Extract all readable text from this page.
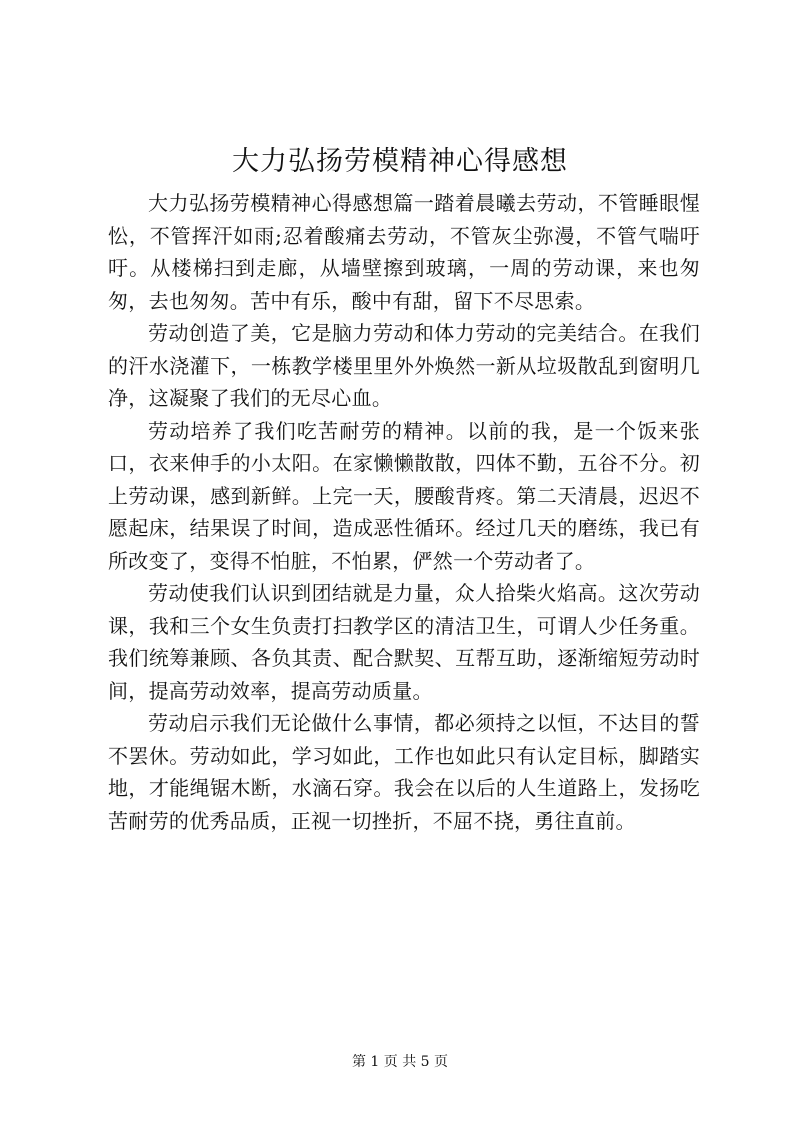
大力弘扬劳模精神心得感想

大力弘扬劳模精神心得感想篇一踏着晨曦去劳动，不管睡眼惺忪，不管挥汗如雨;忍着酸痛去劳动，不管灰尘弥漫，不管气喘吁吁。从楼梯扫到走廊，从墙壁擦到玻璃，一周的劳动课，来也匆匆，去也匆匆。苦中有乐，酸中有甜，留下不尽思索。

劳动创造了美，它是脑力劳动和体力劳动的完美结合。在我们的汗水浇灌下，一栋教学楼里里外外焕然一新从垃圾散乱到窗明几净，这凝聚了我们的无尽心血。

劳动培养了我们吃苦耐劳的精神。以前的我，是一个饭来张口，衣来伸手的小太阳。在家懒懒散散，四体不勤，五谷不分。初上劳动课，感到新鲜。上完一天，腰酸背疼。第二天清晨，迟迟不愿起床，结果误了时间，造成恶性循环。经过几天的磨练，我已有所改变了，变得不怕脏，不怕累，俨然一个劳动者了。

劳动使我们认识到团结就是力量，众人拾柴火焰高。这次劳动课，我和三个女生负责打扫教学区的清洁卫生，可谓人少任务重。我们统筹兼顾、各负其责、配合默契、互帮互助，逐渐缩短劳动时间，提高劳动效率，提高劳动质量。

劳动启示我们无论做什么事情，都必须持之以恒，不达目的誓不罢休。劳动如此，学习如此，工作也如此只有认定目标，脚踏实地，才能绳锯木断，水滴石穿。我会在以后的人生道路上，发扬吃苦耐劳的优秀品质，正视一切挫折，不屈不挠，勇往直前。

第 1 页 共 5 页
